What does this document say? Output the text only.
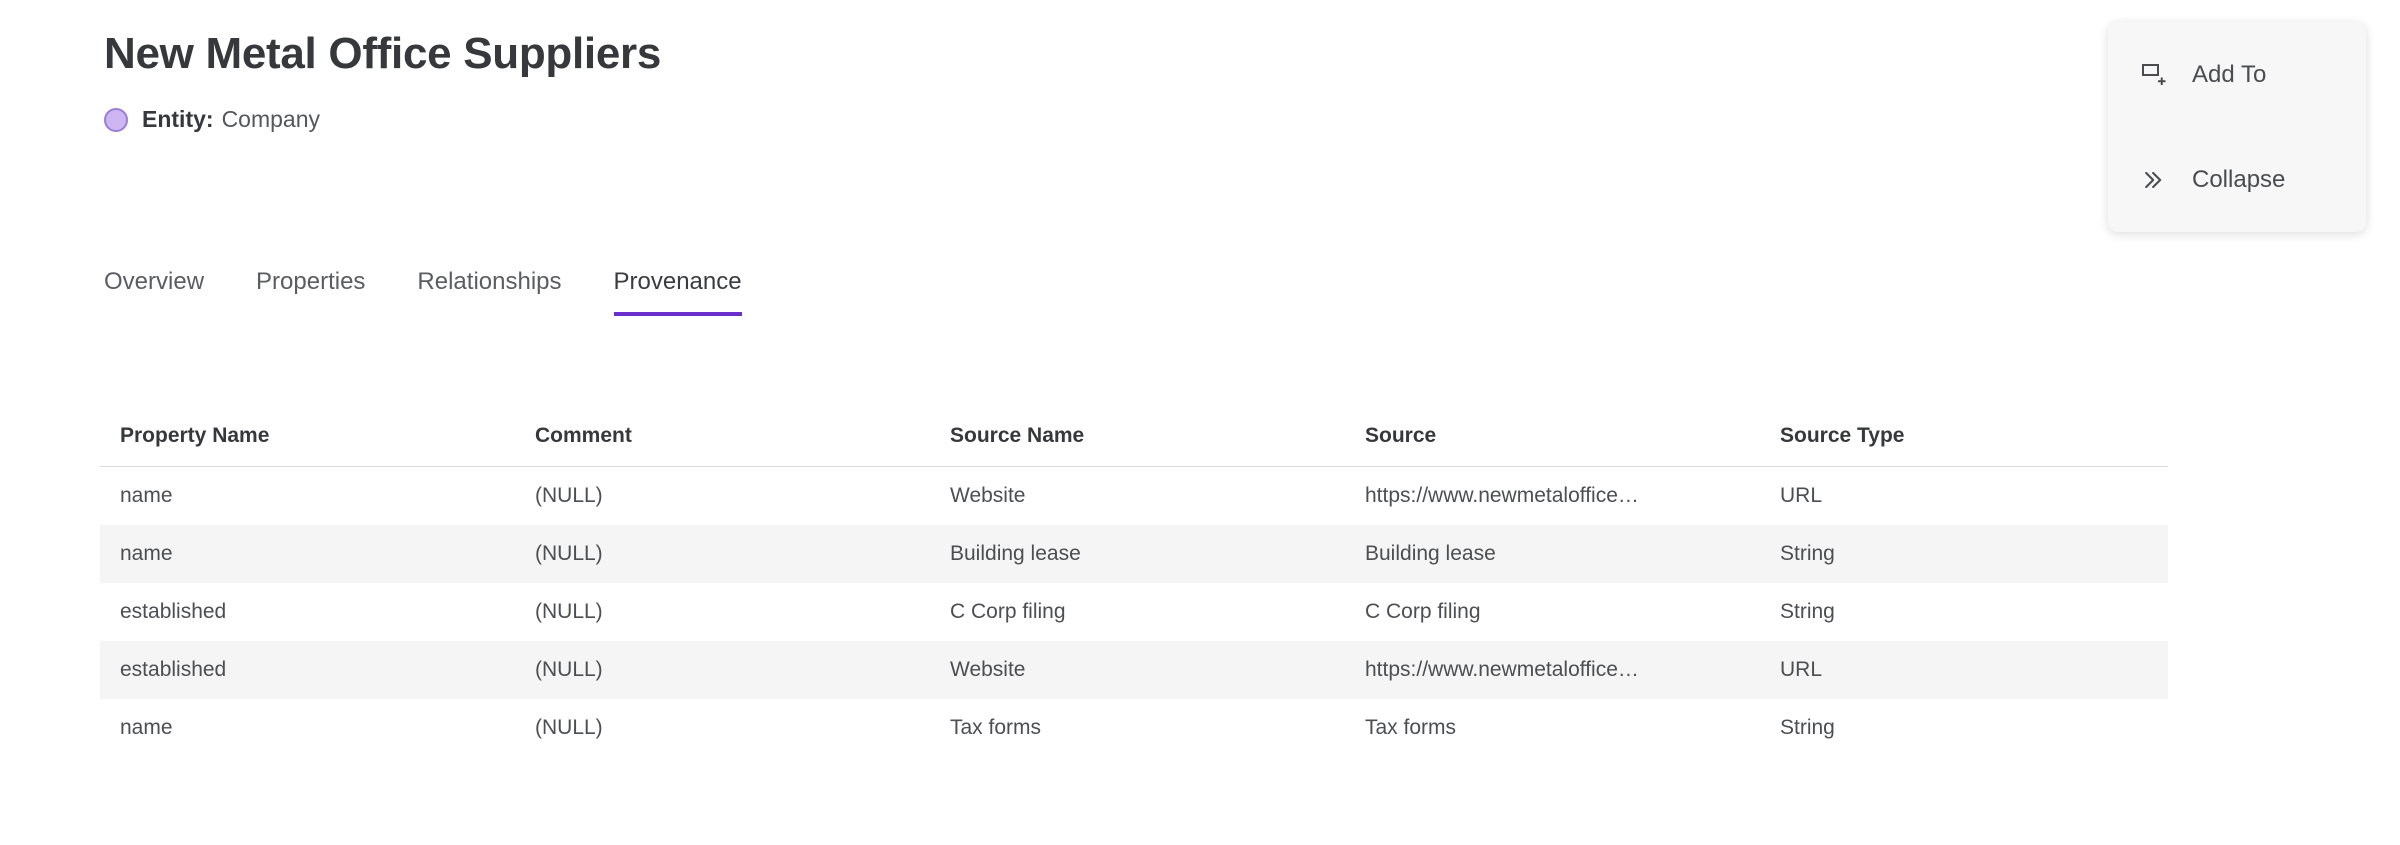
New Metal Office Suppliers
Entity: Company
Overview Properties Relationships Provenance
Property Name	Comment	Source Name	Source	Source Type
name	(NULL)	Website	https://www.newmetaloffice…	URL
name	(NULL)	Building lease	Building lease	String
established	(NULL)	C Corp filing	C Corp filing	String
established	(NULL)	Website	https://www.newmetaloffice…	URL
name	(NULL)	Tax forms	Tax forms	String
Add To
Collapse
